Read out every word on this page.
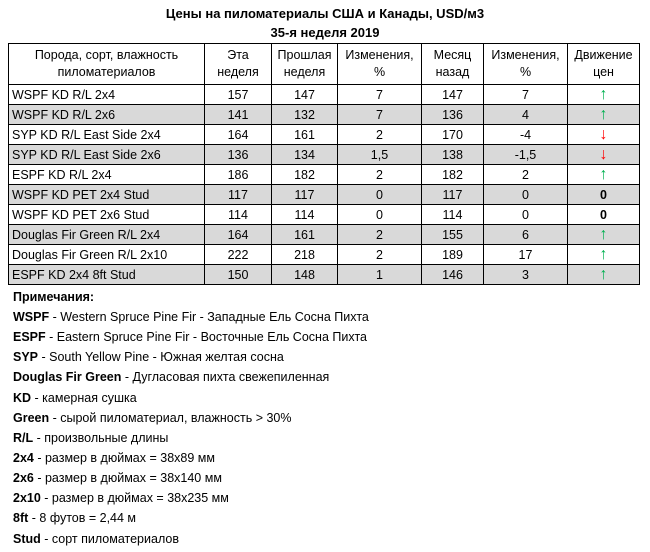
Цены на пиломатериалы США и Канады, USD/м3
35-я неделя 2019
Порода, сорт, влажность пиломатериалов	Эта неделя	Прошлая неделя	Изменения, %	Месяц назад	Изменения, %	Движение цен
WSPF KD R/L 2x4	157	147	7	147	7	↑
WSPF KD R/L 2x6	141	132	7	136	4	↑
SYP KD R/L East Side 2x4	164	161	2	170	-4	↓
SYP KD R/L East Side 2x6	136	134	1,5	138	-1,5	↓
ESPF KD R/L 2x4	186	182	2	182	2	↑
WSPF KD PET 2x4 Stud	117	117	0	117	0	0
WSPF KD PET 2x6 Stud	114	114	0	114	0	0
Douglas Fir Green R/L 2x4	164	161	2	155	6	↑
Douglas Fir Green R/L 2x10	222	218	2	189	17	↑
ESPF KD 2x4 8ft Stud	150	148	1	146	3	↑
Примечания:
WSPF - Western Spruce Pine Fir - Западные Ель Сосна Пихта
ESPF - Eastern Spruce Pine Fir - Восточные Ель Сосна Пихта
SYP - South Yellow Pine - Южная желтая сосна
Douglas Fir Green - Дугласовая пихта свежепиленная
KD - камерная сушка
Green - сырой пиломатериал, влажность > 30%
R/L - произвольные длины
2x4 - размер в дюймах = 38x89 мм
2x6 - размер в дюймах = 38x140 мм
2x10 - размер в дюймах = 38x235 мм
8ft - 8 футов = 2,44 м
Stud - сорт пиломатериалов
